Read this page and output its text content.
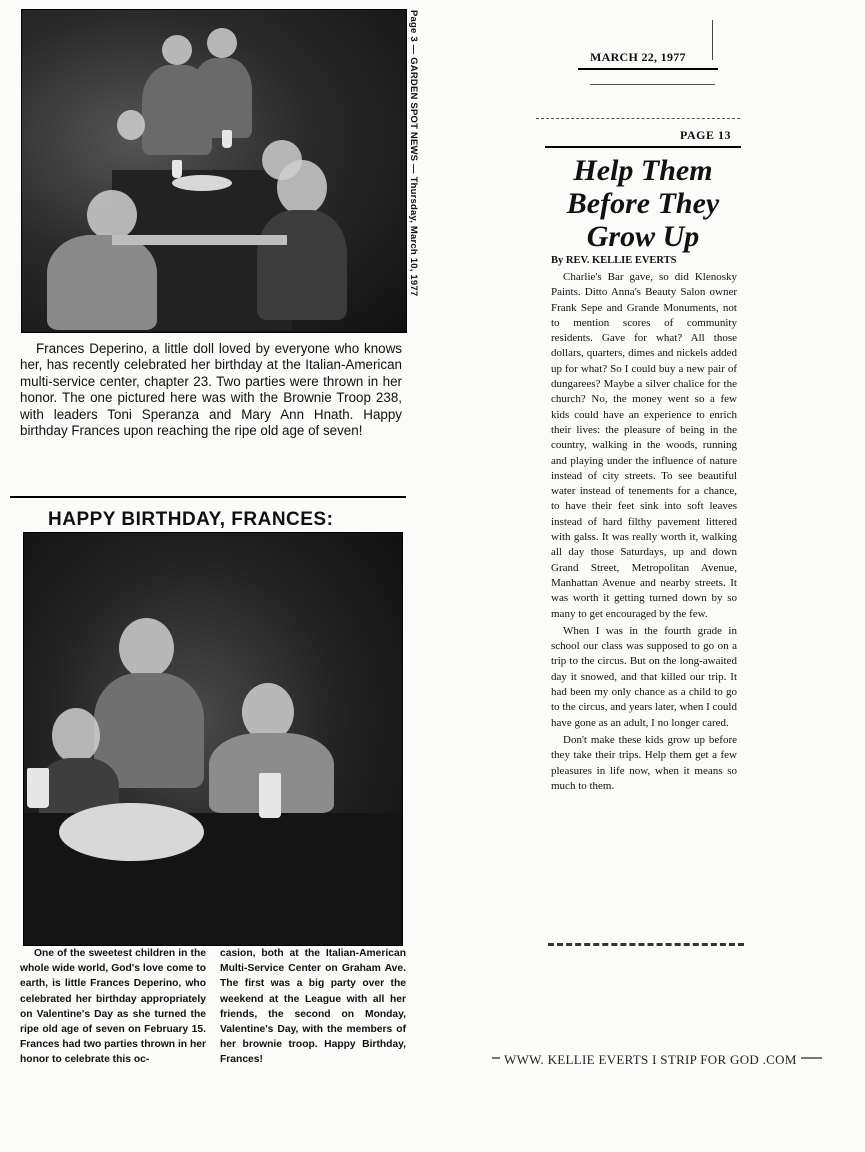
Page 3 — GARDEN SPOT NEWS — Thursday, March 10, 1977

Frances Deperino, a little doll loved by everyone who knows her, has recently celebrated her birthday at the Italian-American multi-service center, chapter 23. Two parties were thrown in her honor. The one pictured here was with the Brownie Troop 238, with leaders Toni Speranza and Mary Ann Hnath. Happy birthday Frances upon reaching the ripe old age of seven!

HAPPY BIRTHDAY, FRANCES:

One of the sweetest children in the whole wide world, God's love come to earth, is little Frances Deperino, who celebrated her birthday appropriately on Valentine's Day as she turned the ripe old age of seven on February 15. Frances had two parties thrown in her honor to celebrate this oc-

casion, both at the Italian-American Multi-Service Center on Graham Ave. The first was a big party over the weekend at the League with all her friends, the second on Monday, Valentine's Day, with the members of her brownie troop. Happy Birthday, Frances!

MARCH 22, 1977
PAGE 13
Help Them
Before They
Grow Up
By REV. KELLIE EVERTS

Charlie's Bar gave, so did Klenosky Paints. Ditto Anna's Beauty Salon owner Frank Sepe and Grande Monuments, not to mention scores of community residents. Gave for what? All those dollars, quarters, dimes and nickels added up for what? So I could buy a new pair of dungarees? Maybe a silver chalice for the church? No, the money went so a few kids could have an experience to enrich their lives: the pleasure of being in the country, walking in the woods, running and playing under the influence of nature instead of city streets. To see beautiful water instead of tenements for a chance, to have their feet sink into soft leaves instead of hard filthy pavement littered with galss. It was really worth it, walking all day those Saturdays, up and down Grand Street, Metropolitan Avenue, Manhattan Avenue and nearby streets. It was worth it getting turned down by so many to get encouraged by the few.

When I was in the fourth grade in school our class was supposed to go on a trip to the circus. But on the long-awaited day it snowed, and that killed our trip. It had been my only chance as a child to go to the circus, and years later, when I could have gone as an adult, I no longer cared.

Don't make these kids grow up before they take their trips. Help them get a few pleasures in life now, when it means so much to them.

WWW. KELLIE EVERTS I STRIP FOR GOD .COM
